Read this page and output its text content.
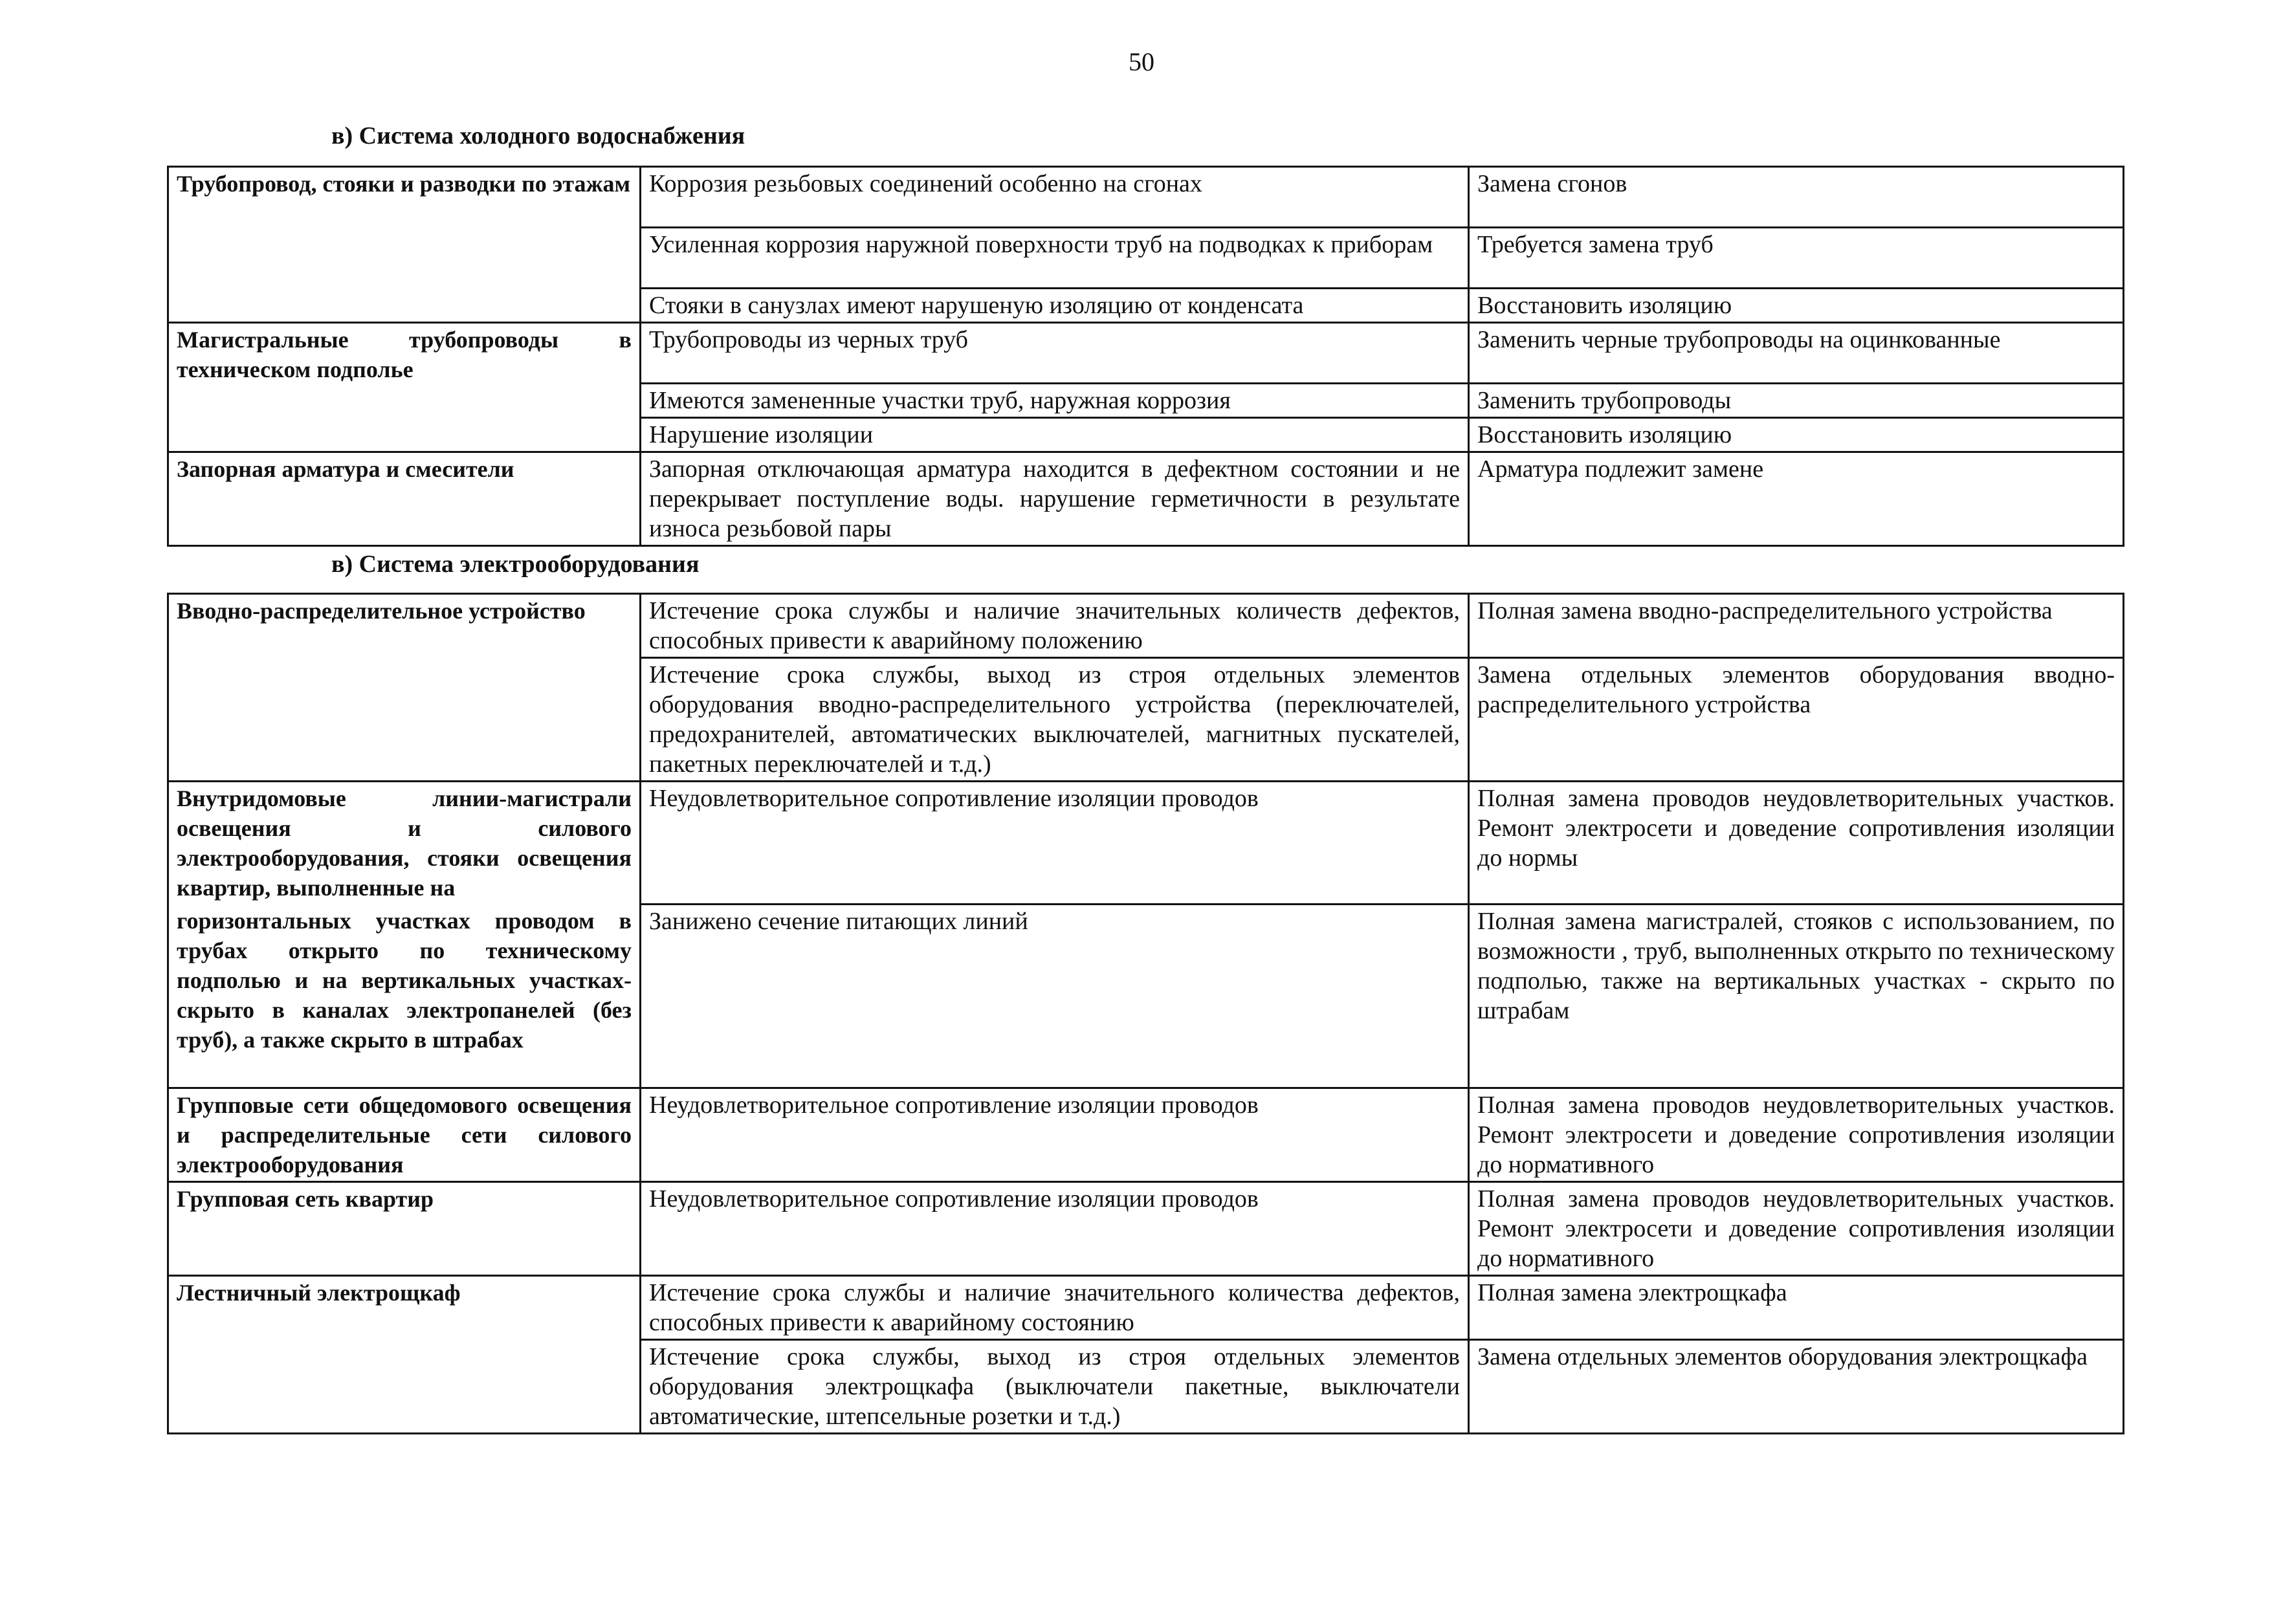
50
в) Система холодного водоснабжения
Трубопровод, стояки и разводки по этажам	Коррозия резьбовых соединений особенно на сгонах	Замена сгонов
	Усиленная коррозия наружной поверхности труб на подводках к приборам	Требуется замена труб
	Стояки в санузлах имеют нарушеную изоляцию от конденсата	Восстановить изоляцию
Магистральные трубопроводы в техническом подполье	Трубопроводы из черных труб	Заменить черные трубопроводы на оцинкованные
	Имеются замененные участки труб, наружная коррозия	Заменить трубопроводы
	Нарушение изоляции	Восстановить изоляцию
Запорная арматура и смесители	Запорная отключающая арматура находится в дефектном состоянии и не перекрывает поступление воды. нарушение герметичности в результате износа резьбовой пары	Арматура подлежит замене
в) Система электрооборудования
Вводно-распределительное устройство	Истечение срока службы и наличие значительных количеств дефектов, способных привести к аварийному положению	Полная замена вводно-распределительного устройства
	Истечение срока службы, выход из строя отдельных элементов оборудования вводно-распределительного устройства (переключателей, предохранителей, автоматических выключателей, магнитных пускателей, пакетных переключателей и т.д.)	Замена отдельных элементов оборудования вводно-распределительного устройства
Внутридомовые линии-магистрали освещения и силового электрооборудования, стояки освещения квартир, выполненные на	Неудовлетворительное сопротивление изоляции проводов	Полная замена проводов неудовлетворительных участков. Ремонт электросети и доведение сопротивления изоляции до нормы
горизонтальных участках проводом в трубах открыто по техническому подполью и на вертикальных участках-скрыто в каналах электропанелей (без труб), а также скрыто в штрабах	Занижено сечение питающих линий	Полная замена магистралей, стояков с использованием, по возможности , труб, выполненных открыто по техническому подполью, также на вертикальных участках - скрыто по штрабам
Групповые сети общедомового освещения и распределительные сети силового электрооборудования	Неудовлетворительное сопротивление изоляции проводов	Полная замена проводов неудовлетворительных участков. Ремонт электросети и доведение сопротивления изоляции до нормативного
Групповая сеть квартир	Неудовлетворительное сопротивление изоляции проводов	Полная замена проводов неудовлетворительных участков. Ремонт электросети и доведение сопротивления изоляции до нормативного
Лестничный электрощкаф	Истечение срока службы и наличие значительного количества дефектов, способных привести к аварийному состоянию	Полная замена электрощкафа
	Истечение срока службы, выход из строя отдельных элементов оборудования электрощкафа (выключатели пакетные, выключатели автоматические, штепсельные розетки и т.д.)	Замена отдельных элементов оборудования электрощкафа
